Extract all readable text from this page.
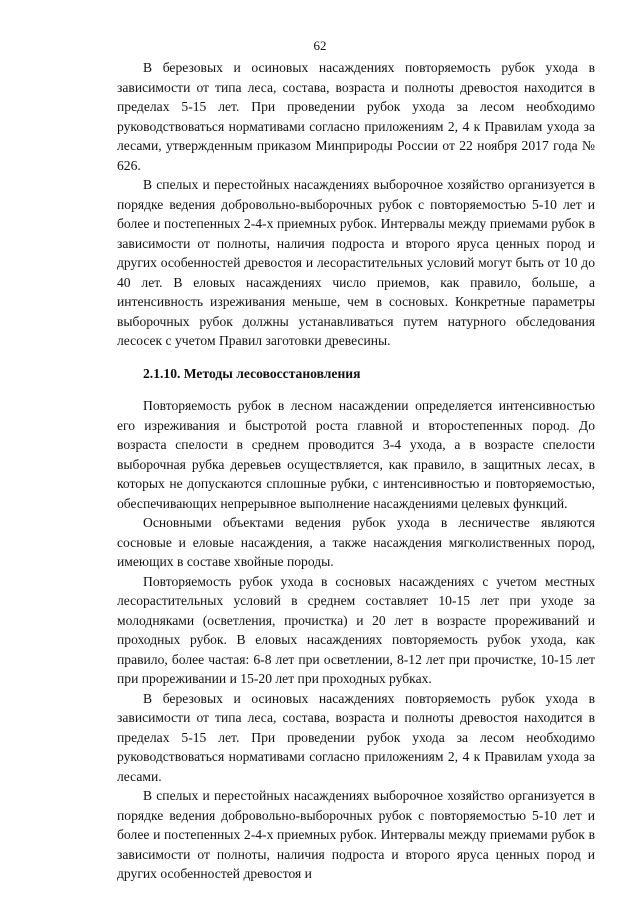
62

В березовых и осиновых насаждениях повторяемость рубок ухода в зависимости от типа леса, состава, возраста и полноты древостоя находится в пределах 5-15 лет. При проведении рубок ухода за лесом необходимо руководствоваться нормативами согласно приложениям 2, 4 к Правилам ухода за лесами, утвержденным приказом Минприроды России от 22 ноября 2017 года № 626.

В спелых и перестойных насаждениях выборочное хозяйство организуется в порядке ведения добровольно-выборочных рубок с повторяемостью 5-10 лет и более и постепенных 2-4-х приемных рубок. Интервалы между приемами рубок в зависимости от полноты, наличия подроста и второго яруса ценных пород и других особенностей древостоя и лесорастительных условий могут быть от 10 до 40 лет. В еловых насаждениях число приемов, как правило, больше, а интенсивность изреживания меньше, чем в сосновых. Конкретные параметры выборочных рубок должны устанавливаться путем натурного обследования лесосек с учетом Правил заготовки древесины.

2.1.10. Методы лесовосстановления

Повторяемость рубок в лесном насаждении определяется интенсивностью его изреживания и быстротой роста главной и второстепенных пород. До возраста спелости в среднем проводится 3-4 ухода, а в возрасте спелости выборочная рубка деревьев осуществляется, как правило, в защитных лесах, в которых не допускаются сплошные рубки, с интенсивностью и повторяемостью, обеспечивающих непрерывное выполнение насаждениями целевых функций.

Основными объектами ведения рубок ухода в лесничестве являются сосновые и еловые насаждения, а также насаждения мягколиственных пород, имеющих в составе хвойные породы.

Повторяемость рубок ухода в сосновых насаждениях с учетом местных лесорастительных условий в среднем составляет 10-15 лет при уходе за молодняками (осветления, прочистка) и 20 лет в возрасте прореживаний и проходных рубок. В еловых насаждениях повторяемость рубок ухода, как правило, более частая: 6-8 лет при осветлении, 8-12 лет при прочистке, 10-15 лет при прореживании и 15-20 лет при проходных рубках.

В березовых и осиновых насаждениях повторяемость рубок ухода в зависимости от типа леса, состава, возраста и полноты древостоя находится в пределах 5-15 лет. При проведении рубок ухода за лесом необходимо руководствоваться нормативами согласно приложениям 2, 4 к Правилам ухода за лесами.

В спелых и перестойных насаждениях выборочное хозяйство организуется в порядке ведения добровольно-выборочных рубок с повторяемостью 5-10 лет и более и постепенных 2-4-х приемных рубок. Интервалы между приемами рубок в зависимости от полноты, наличия подроста и второго яруса ценных пород и других особенностей древостоя и
